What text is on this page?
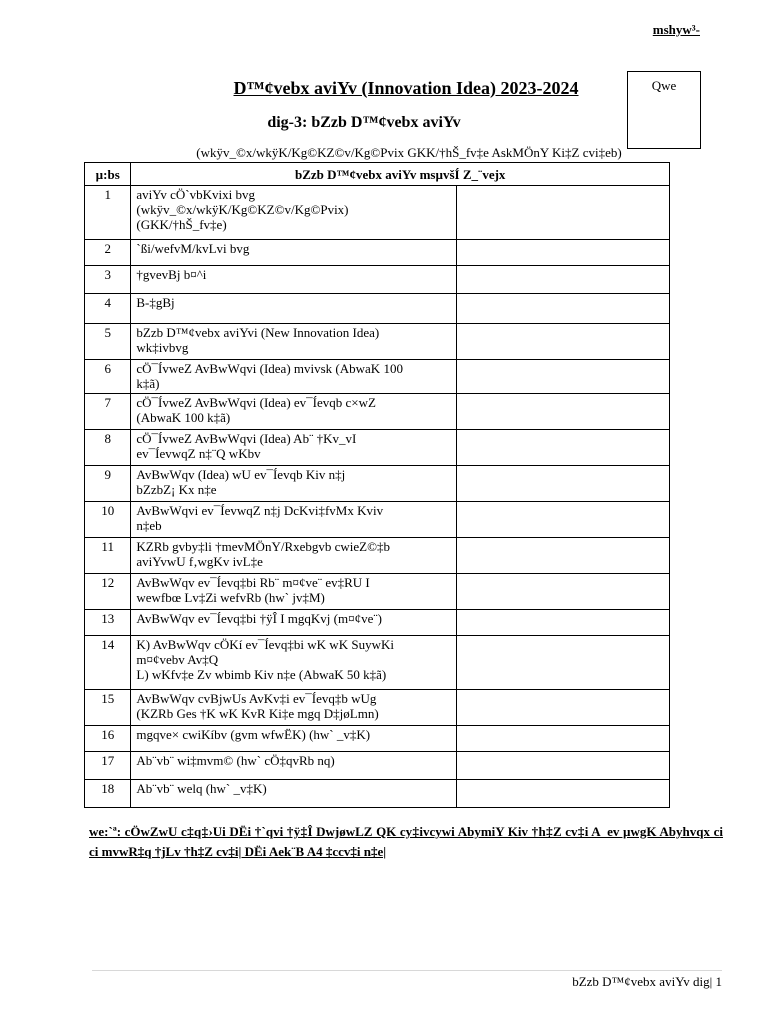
mshyw³-
D™¢vebx aviYv (Innovation Idea) 2023-2024	Qwe
dig-3: bZzb D™¢vebx aviYv
(wkÿv_©x/wkÿK/Kg©KZ©v/Kg©Pvix GKK/†hŠ_fv‡e AskMÖnY Ki‡Z cvi‡eb)
µ:bs	bZzb D™¢vebx aviYv msµvšÍ Z_¨vejx	
1	aviYv cÖ`vbKvixi bvg
(wkÿv_©x/wkÿK/Kg©KZ©v/Kg©Pvix)
(GKK/†hŠ_fv‡e)	

2	`ßi/wefvM/kvLvi bvg	

3	†gvevBj b¤^i	

4	B-‡gBj	

5	bZzb D™¢vebx aviYvi (New Innovation Idea)
wk‡ivbvg	

6	cÖ¯ÍvweZ AvBwWqvi (Idea) mvivsk (AbwaK 100
k‡ã)	

7	cÖ¯ÍvweZ AvBwWqvi (Idea) ev¯Íevqb c×wZ
(AbwaK 100 k‡ã)	

8	cÖ¯ÍvweZ AvBwWqvi (Idea) Ab¨ †Kv_vI
ev¯ÍevwqZ n‡¨Q wKbv	

9	AvBwWqv (Idea) wU ev¯Íevqb Kiv n‡j
bZzbZ¡ Kx n‡e	

10	AvBwWqvi ev¯ÍevwqZ n‡j DcKvi‡fvMx Kviv
n‡eb	

11	KZRb gvby‡li †mevMÖnY/Rxebgvb cwieZ©‡b
aviYvwU f‚wgKv ivL‡e	

12	AvBwWqv ev¯Íevq‡bi Rb¨ m¤¢ve¨ ev‡RU I
wewfbœ Lv‡Zi wefvRb (hw` jv‡M)	

13	AvBwWqv ev¯Íevq‡bi †ÿÎ I mgqKvj (m¤¢ve¨)	

14	K) AvBwWqv cÖKí ev¯Íevq‡bi wK wK SuywKi
m¤¢vebv Av‡Q
L) wKfv‡e Zv wbimb Kiv n‡e (AbwaK 50 k‡ã)	

15	AvBwWqv cvBjwUs AvKv‡i ev¯Íevq‡b wUg
(KZRb Ges †K wK KvR Ki‡e mgq D‡jøLmn)	

16	mgqve× cwiKíbv (gvm wfwËK) (hw` _v‡K)	

17	Ab¨vb¨ wi‡mvm© (hw` cÖ‡qvRb nq)	

18	Ab¨vb¨ welq (hw` _v‡K)	

we:`ª: cÖwZwU c‡q‡›Ui DËi †`qvi †ÿ‡Î DwjøwLZ QK cy‡ivcywi AbymiY Kiv †h‡Z cv‡i A_ev µwgK Abyhvqx ci ci mvwR‡q †jLv †h‡Z cv‡i| DËi Aek¨B A4 ‡ccv‡i n‡e|
bZzb D™¢vebx aviYv dig| 1
